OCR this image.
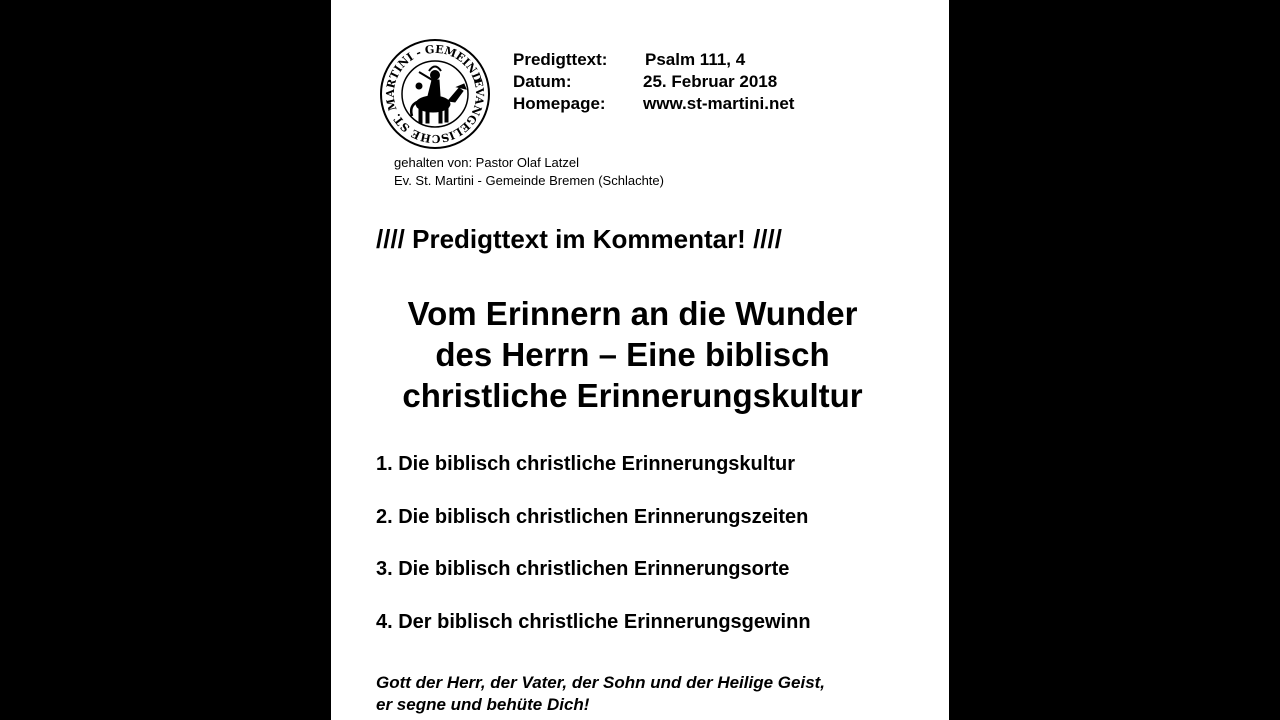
EVANGELISCHE ST. MARTINI - GEMEINDE
Predigttext:	Psalm 111, 4
Datum:	25. Februar 2018
Homepage:	www.st-martini.net
gehalten von: Pastor Olaf Latzel
Ev. St. Martini - Gemeinde Bremen (Schlachte)
//// Predigttext im Kommentar! ////
Vom Erinnern an die Wunder
des Herrn – Eine biblisch
christliche Erinnerungskultur
1. Die biblisch christliche Erinnerungskultur
2. Die biblisch christlichen Erinnerungszeiten
3. Die biblisch christlichen Erinnerungsorte
4. Der biblisch christliche Erinnerungsgewinn
Gott der Herr, der Vater, der Sohn und der Heilige Geist,
er segne und behüte Dich!
